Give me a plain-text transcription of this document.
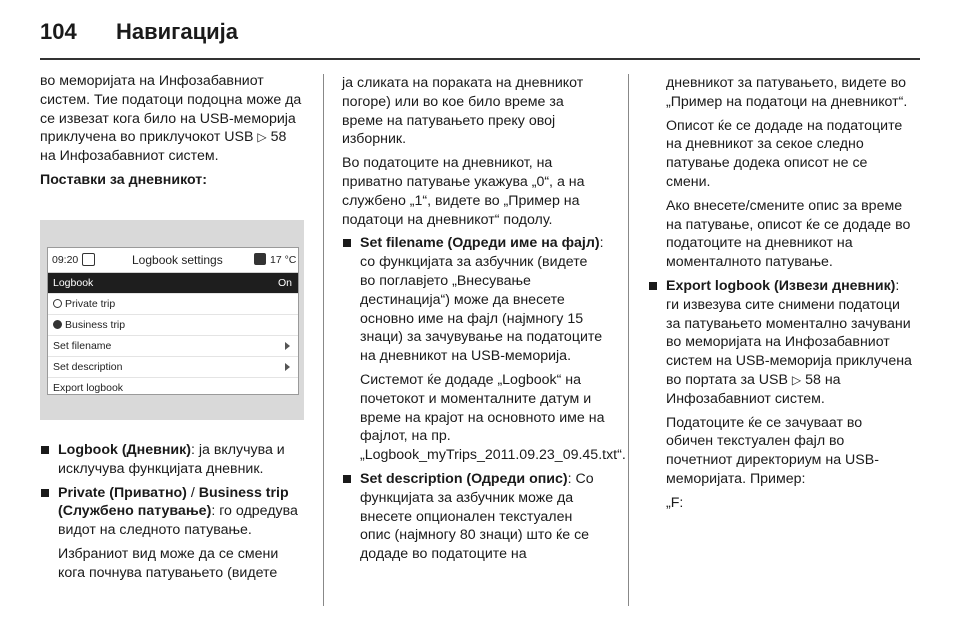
104	Навигација

во меморијата на Инфозабавниот систем. Тие податоци подоцна може да се извезат кога било на USB-меморија приклучена во приклучокот USB ▷ 58 на Инфозабавниот систем.

Поставки за дневникот:

09:20	Logbook settings	17 °C
Logbook	On
Private trip
Business trip
Set filename
Set description
Export logbook

Logbook (Дневник): ја вклучува и исклучува функцијата дневник.

Private (Приватно) / Business trip (Службено патување): го одредува видот на следното патување.

Избраниот вид може да се смени кога почнува патувањето (видете

ја сликата на пораката на дневникот погоре) или во кое било време за време на патувањето преку овој изборник.

Во податоците на дневникот, на приватно патување укажува „0“, а на службено „1“, видете во „Пример на податоци на дневникот“ подолу.

Set filename (Одреди име на фајл): со функцијата за азбучник (видете во поглавјето „Внесување дестинација“) може да внесете основно име на фајл (најмногу 15 знаци) за зачувување на податоците на дневникот на USB-меморија.

Системот ќе додаде „Logbook“ на почетокот и моменталните датум и време на крајот на основното име на фајлот, на пр. „Logbook_myTrips_2011.09.23_09.45.txt“.

Set description (Одреди опис): Со функцијата за азбучник може да внесете опционален текстуален опис (најмногу 80 знаци) што ќе се додаде во податоците на

дневникот за патувањето, видете во „Пример на податоци на дневникот“.

Описот ќе се додаде на податоците на дневникот за секое следно патување додека описот не се смени.

Ако внесете/смените опис за време на патување, описот ќе се додаде во податоците на дневникот на моменталното патување.

Export logbook (Извези дневник): ги извезува сите снимени податоци за патувањето моментално зачувани во меморијата на Инфозабавниот систем на USB-меморија приклучена во портата за USB ▷ 58 на Инфозабавниот систем.

Податоците ќе се зачуваат во обичен текстуален фајл во почетниот директориум на USB-меморијата. Пример:

„F:
